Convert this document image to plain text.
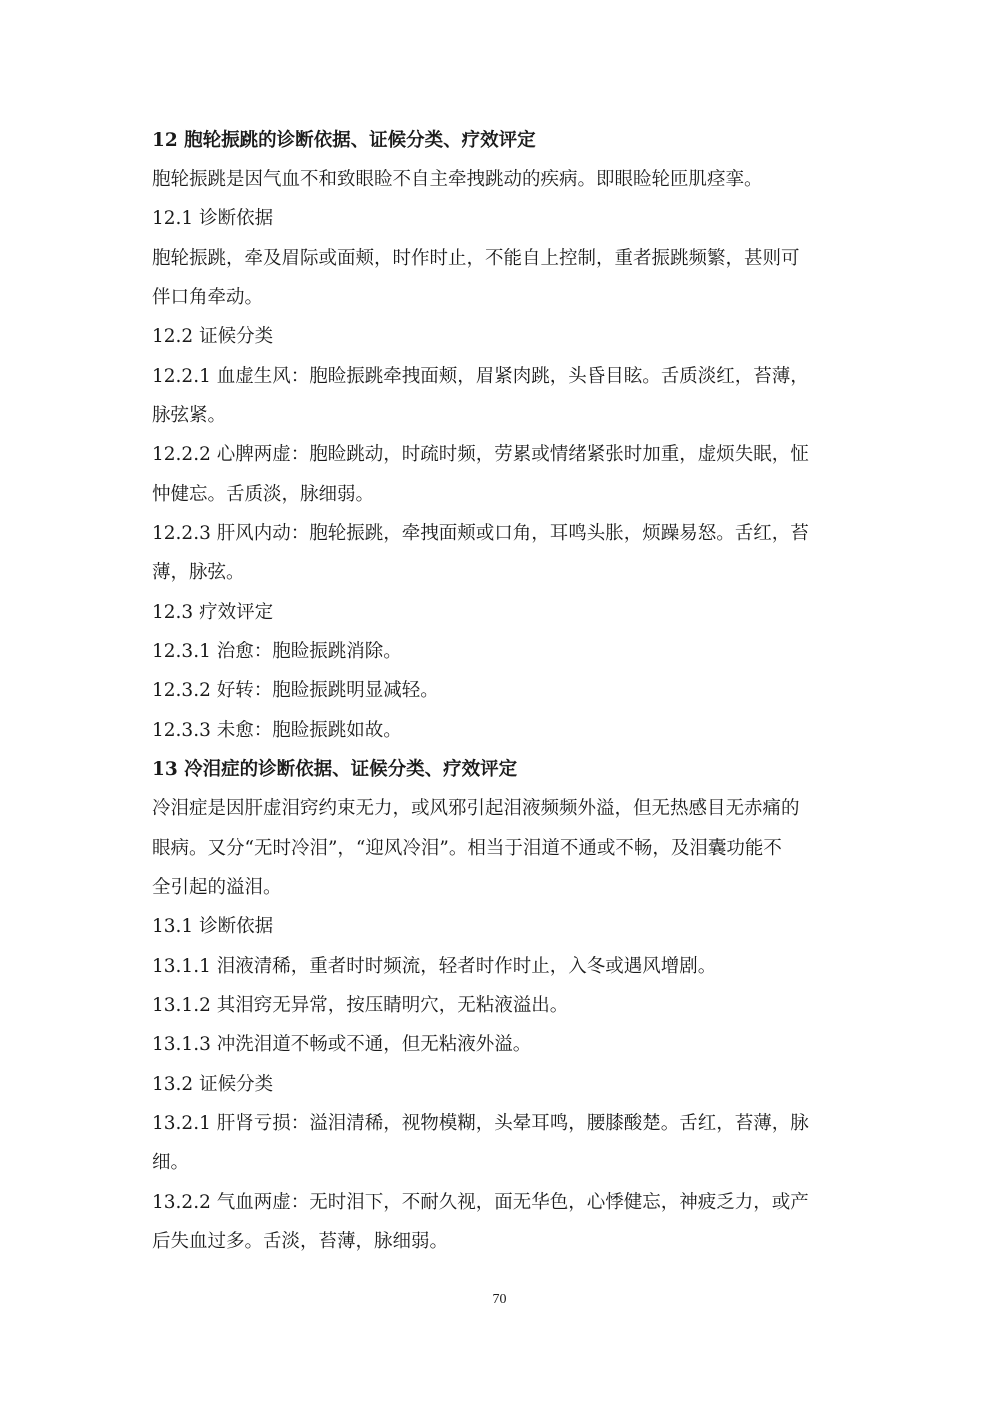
12 胞轮振跳的诊断依据、证候分类、疗效评定
胞轮振跳是因气血不和致眼睑不自主牵拽跳动的疾病。即眼睑轮匝肌痉挛。
12.1 诊断依据
胞轮振跳，牵及眉际或面颊，时作时止，不能自上控制，重者振跳频繁，甚则可
伴口角牵动。
12.2 证候分类
12.2.1 血虚生风：胞睑振跳牵拽面颊，眉紧肉跳，头昏目眩。舌质淡红，苔薄，
脉弦紧。
12.2.2 心脾两虚：胞睑跳动，时疏时频，劳累或情绪紧张时加重，虚烦失眠，怔
忡健忘。舌质淡，脉细弱。
12.2.3 肝风内动：胞轮振跳，牵拽面颊或口角，耳鸣头胀，烦躁易怒。舌红，苔
薄，脉弦。
12.3 疗效评定
12.3.1 治愈：胞睑振跳消除。
12.3.2 好转：胞睑振跳明显减轻。
12.3.3 未愈：胞睑振跳如故。
13 冷泪症的诊断依据、证候分类、疗效评定
冷泪症是因肝虚泪窍约束无力，或风邪引起泪液频频外溢，但无热感目无赤痛的
眼病。又分“无时冷泪”，“迎风冷泪”。相当于泪道不通或不畅，及泪囊功能不
全引起的溢泪。
13.1 诊断依据
13.1.1 泪液清稀，重者时时频流，轻者时作时止，入冬或遇风增剧。
13.1.2 其泪窍无异常，按压睛明穴，无粘液溢出。
13.1.3 冲洗泪道不畅或不通，但无粘液外溢。
13.2 证候分类
13.2.1 肝肾亏损：溢泪清稀，视物模糊，头晕耳鸣，腰膝酸楚。舌红，苔薄，脉
细。
13.2.2 气血两虚：无时泪下，不耐久视，面无华色，心悸健忘，神疲乏力，或产
后失血过多。舌淡，苔薄，脉细弱。
70
